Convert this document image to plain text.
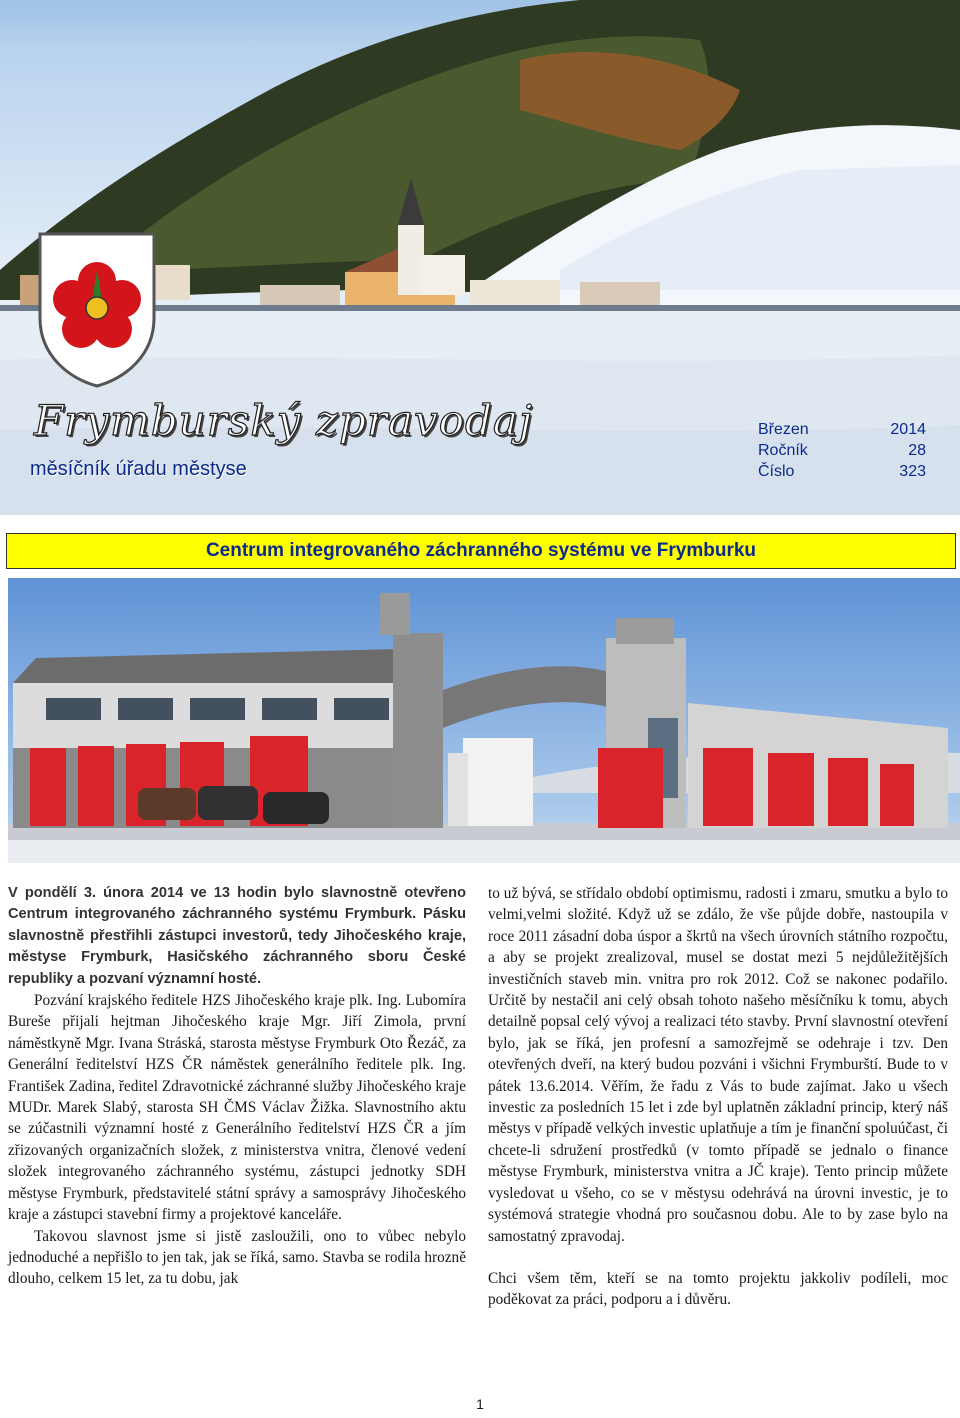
Frymburský zpravodaj
měsíčník úřadu městyse
Březen	2014
Ročník	28
Číslo	323
Centrum integrovaného záchranného systému ve Frymburku

V pondělí 3. února 2014 ve 13 hodin bylo slavnostně otevřeno Centrum integrovaného záchranného systému Frymburk. Pásku slavnostně přestřihli zástupci investorů, tedy Jihočeského kraje, městyse Frymburk, Hasičského záchranného sboru České republiky a pozvaní významní hosté.

Pozvání krajského ředitele HZS Jihočeského kraje plk. Ing. Lubomíra Bureše přijali hejtman Jihočeského kraje Mgr. Jiří Zimola, první náměstkyně Mgr. Ivana Stráská, starosta městyse Frymburk Oto Řezáč, za Generální ředitelství HZS ČR náměstek generálního ředitele plk. Ing. František Zadina, ředitel Zdravotnické záchranné služby Jihočeského kraje MUDr. Marek Slabý, starosta SH ČMS Václav Žižka. Slavnostního aktu se zúčastnili významní hosté z Generálního ředitelství HZS ČR a jím zřizovaných organizačních složek, z ministerstva vnitra, členové vedení složek integrovaného záchranného systému, zástupci jednotky SDH městyse Frymburk, představitelé státní správy a samosprávy Jihočeského kraje a zástupci stavební firmy a projektové kanceláře.

Takovou slavnost jsme si jistě zasloužili, ono to vůbec nebylo jednoduché a nepřišlo to jen tak, jak se říká, samo. Stavba se rodila hrozně dlouho, celkem 15 let, za tu dobu, jak

to už bývá, se střídalo období optimismu, radosti i zmaru, smutku a bylo to velmi,velmi složité. Když už se zdálo, že vše půjde dobře, nastoupila v roce 2011 zásadní doba úspor a škrtů na všech úrovních státního rozpočtu, a aby se projekt zrealizoval, musel se dostat mezi 5 nejdůležitějších investičních staveb min. vnitra pro rok 2012. Což se nakonec podařilo. Určitě by nestačil ani celý obsah tohoto našeho měsíčníku k tomu, abych detailně popsal celý vývoj a realizaci této stavby. První slavnostní otevření bylo, jak se říká, jen profesní a samozřejmě se odehraje i tzv. Den otevřených dveří, na který budou pozváni i všichni Frymburští. Bude to v pátek 13.6.2014. Věřím, že řadu z Vás to bude zajímat. Jako u všech investic za posledních 15 let i zde byl uplatněn základní princip, který náš městys v případě velkých investic uplatňuje a tím je finanční spoluúčast, či chcete-li sdružení prostředků (v tomto případě se jednalo o finance městyse Frymburk, ministerstva vnitra a JČ kraje). Tento princip můžete vysledovat u všeho, co se v městysu odehrává na úrovni investic, je to systémová strategie vhodná pro současnou dobu. Ale to by zase bylo na samostatný zpravodaj.

Chci všem těm, kteří se na tomto projektu jakkoliv podíleli, moc poděkovat za práci, podporu a i důvěru.

1
